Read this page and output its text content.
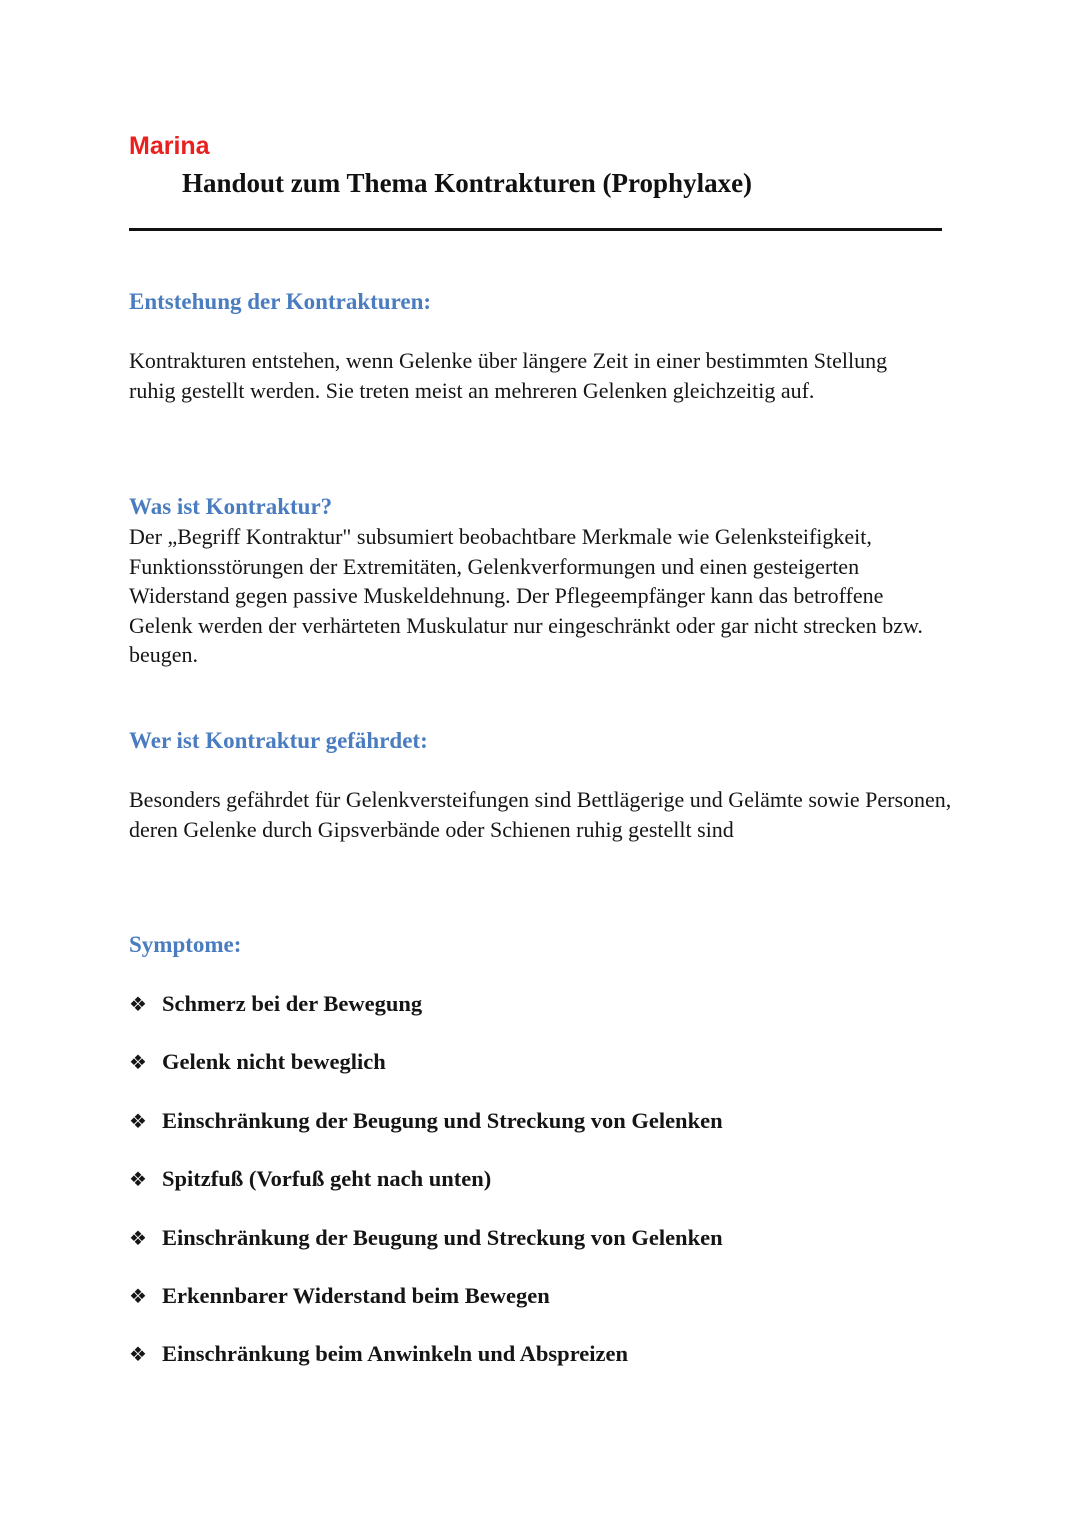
Marina
Handout zum Thema Kontrakturen (Prophylaxe)
Entstehung der Kontrakturen:
Kontrakturen entstehen, wenn Gelenke über längere Zeit in einer bestimmten Stellung ruhig gestellt werden. Sie treten meist an mehreren Gelenken gleichzeitig auf.
Was ist Kontraktur?
Der „Begriff Kontraktur" subsumiert beobachtbare Merkmale wie Gelenksteifigkeit, Funktionsstörungen der Extremitäten, Gelenkverformungen und einen gesteigerten Widerstand gegen passive Muskeldehnung. Der Pflegeempfänger kann das betroffene Gelenk werden der verhärteten Muskulatur nur eingeschränkt oder gar nicht strecken bzw. beugen.
Wer ist Kontraktur gefährdet:
Besonders gefährdet für Gelenkversteifungen sind Bettlägerige und Gelämte sowie Personen, deren Gelenke durch Gipsverbände oder Schienen ruhig gestellt sind
Symptome:
❖ Schmerz bei der Bewegung
❖ Gelenk nicht beweglich
❖ Einschränkung der Beugung und Streckung von Gelenken
❖ Spitzfuß (Vorfuß geht nach unten)
❖ Einschränkung der Beugung und Streckung von Gelenken
❖ Erkennbarer Widerstand beim Bewegen
❖ Einschränkung beim Anwinkeln und Abspreizen
